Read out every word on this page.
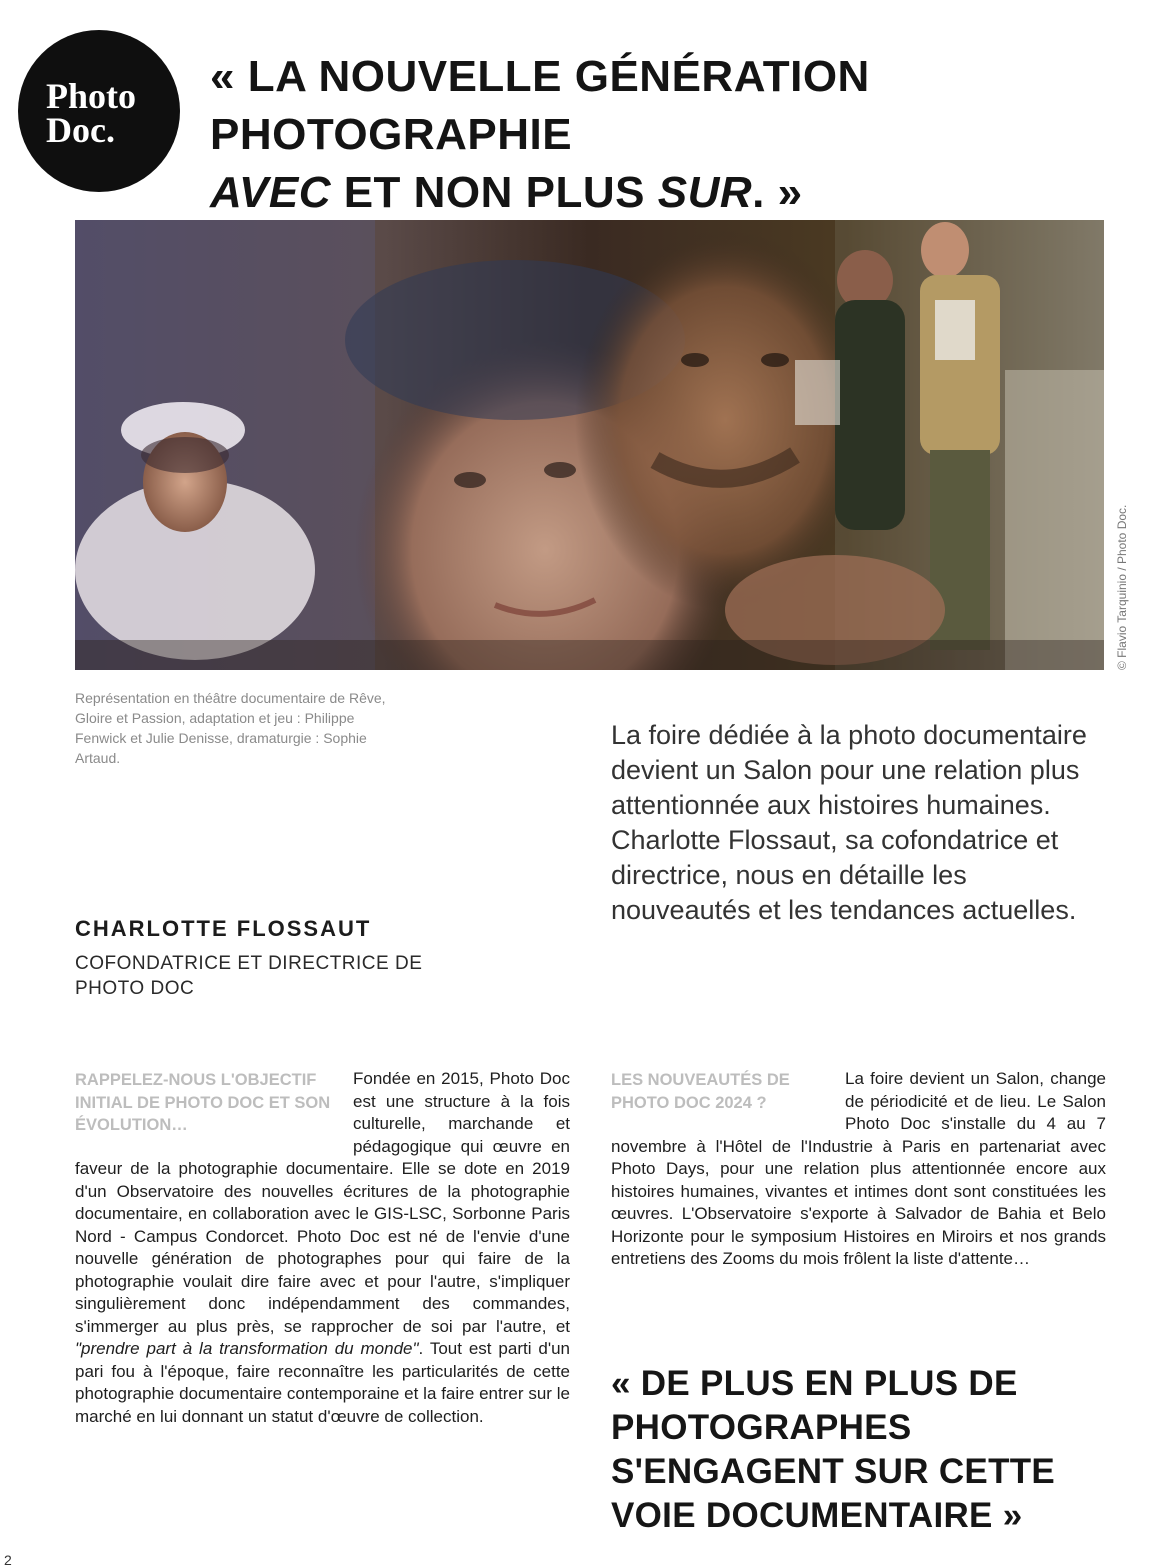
Photo
Doc.
« LA NOUVELLE GÉNÉRATION PHOTOGRAPHIE
AVEC ET NON PLUS SUR. »
© Flavio Tarquinio / Photo Doc.
Représentation en théâtre documentaire de Rêve, Gloire et Passion, adaptation et jeu : Philippe Fenwick et Julie Denisse, dramaturgie : Sophie Artaud.
La foire dédiée à la photo documentaire devient un Salon pour une relation plus attentionnée aux histoires humaines. Charlotte Flossaut, sa cofondatrice et directrice, nous en détaille les nouveautés et les tendances actuelles.
CHARLOTTE FLOSSAUT
COFONDATRICE ET DIRECTRICE DE PHOTO DOC
RAPPELEZ-NOUS L'OBJECTIF INITIAL DE PHOTO DOC ET SON ÉVOLUTION…
Fondée en 2015, Photo Doc est une structure à la fois culturelle, marchande et pédagogique qui œuvre en faveur de la photographie documentaire. Elle se dote en 2019 d'un Observatoire des nouvelles écritures de la photographie documentaire, en collaboration avec le GIS-LSC, Sorbonne Paris Nord - Campus Condorcet. Photo Doc est né de l'envie d'une nouvelle génération de photographes pour qui faire de la photographie voulait dire faire avec et pour l'autre, s'impliquer singulièrement donc indépendamment des commandes, s'immerger au plus près, se rapprocher de soi par l'autre, et "prendre part à la transformation du monde". Tout est parti d'un pari fou à l'époque, faire reconnaître les particularités de cette photographie documentaire contemporaine et la faire entrer sur le marché en lui donnant un statut d'œuvre de collection.
LES NOUVEAUTÉS DE PHOTO DOC 2024 ?
La foire devient un Salon, change de périodicité et de lieu. Le Salon Photo Doc s'installe du 4 au 7 novembre à l'Hôtel de l'Industrie à Paris en partenariat avec Photo Days, pour une relation plus attentionnée encore aux histoires humaines, vivantes et intimes dont sont constituées les œuvres. L'Observatoire s'exporte à Salvador de Bahia et Belo Horizonte pour le symposium Histoires en Miroirs et nos grands entretiens des Zooms du mois frôlent la liste d'attente…
« DE PLUS EN PLUS DE PHOTOGRAPHES S'ENGAGENT SUR CETTE VOIE DOCUMENTAIRE »
2
